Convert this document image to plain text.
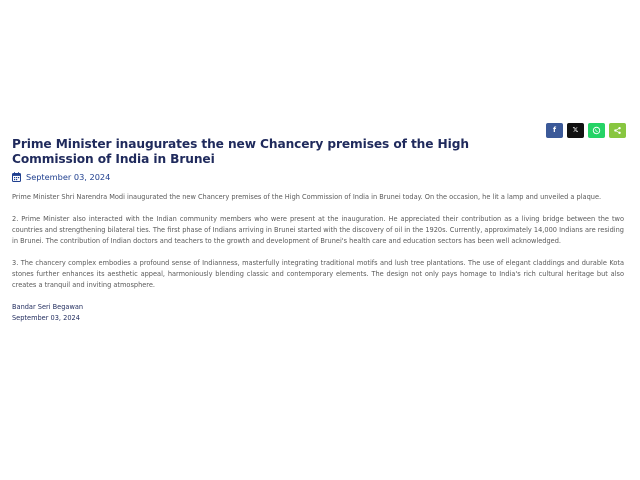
f 𝕏
Prime Minister inaugurates the new Chancery premises of the High Commission of India in Brunei
September 03, 2024

Prime Minister Shri Narendra Modi inaugurated the new Chancery premises of the High Commission of India in Brunei today. On the occasion, he lit a lamp and unveiled a plaque.

2. Prime Minister also interacted with the Indian community members who were present at the inauguration. He appreciated their contribution as a living bridge between the two countries and strengthening bilateral ties. The first phase of Indians arriving in Brunei started with the discovery of oil in the 1920s. Currently, approximately 14,000 Indians are residing in Brunei. The contribution of Indian doctors and teachers to the growth and development of Brunei's health care and education sectors has been well acknowledged.

3. The chancery complex embodies a profound sense of Indianness, masterfully integrating traditional motifs and lush tree plantations. The use of elegant claddings and durable Kota stones further enhances its aesthetic appeal, harmoniously blending classic and contemporary elements. The design not only pays homage to India's rich cultural heritage but also creates a tranquil and inviting atmosphere.

Bandar Seri Begawan
September 03, 2024
